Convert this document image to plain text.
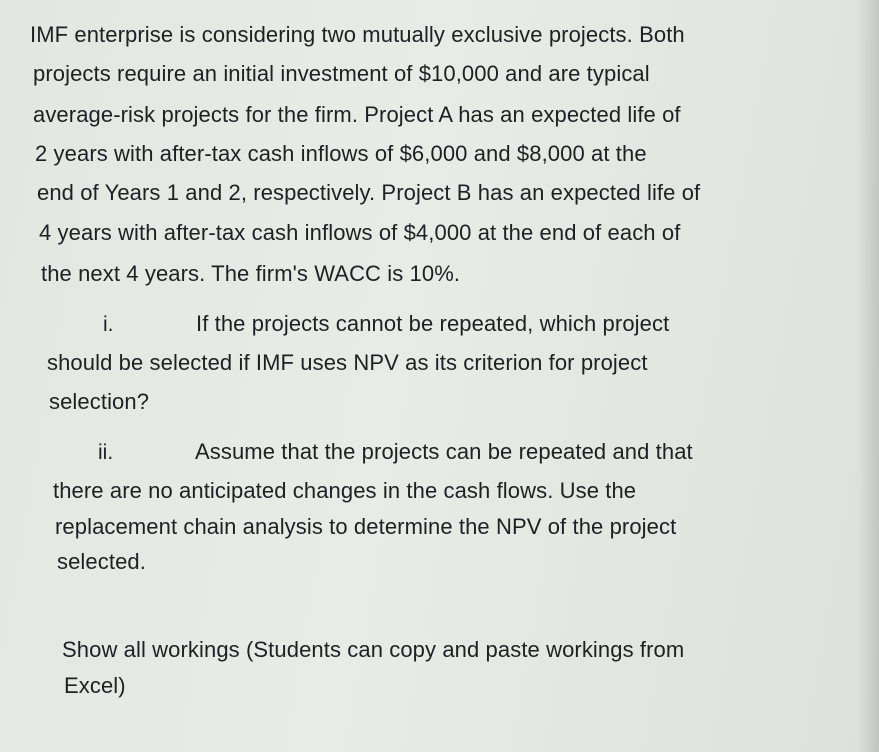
IMF enterprise is considering two mutually exclusive projects. Both
projects require an initial investment of $10,000 and are typical
average-risk projects for the firm. Project A has an expected life of
2 years with after-tax cash inflows of $6,000 and $8,000 at the
end of Years 1 and 2, respectively. Project B has an expected life of
4 years with after-tax cash inflows of $4,000 at the end of each of
the next 4 years. The firm's WACC is 10%.
i.	If the projects cannot be repeated, which project
should be selected if IMF uses NPV as its criterion for project
selection?
ii.	Assume that the projects can be repeated and that
there are no anticipated changes in the cash flows. Use the
replacement chain analysis to determine the NPV of the project
selected.
Show all workings (Students can copy and paste workings from
Excel)
